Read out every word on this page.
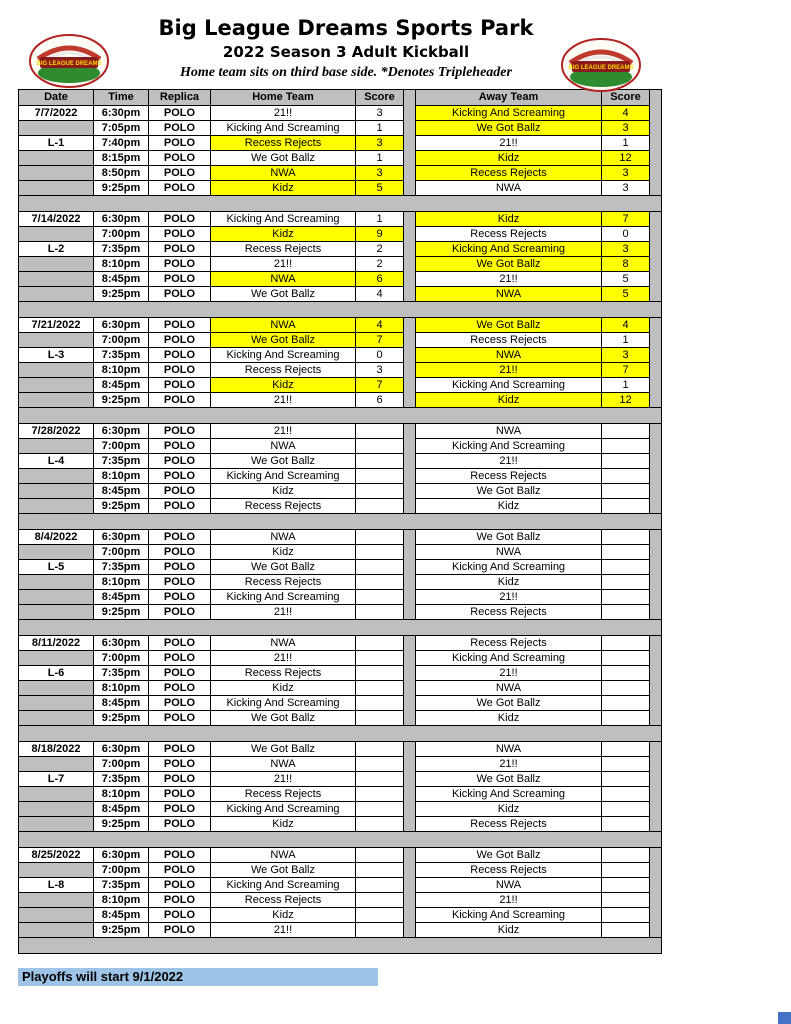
BIG LEAGUE DREAMS
BIG LEAGUE DREAMS
Big League Dreams Sports Park
2022 Season 3 Adult Kickball
Home team sits on third base side. *Denotes Tripleheader
Date	Time	Replica	Home Team	Score		Away Team	Score	
7/7/2022	6:30pm	POLO	21!!	3		Kicking And Screaming	4	
	7:05pm	POLO	Kicking And Screaming	1		We Got Ballz	3	
L-1	7:40pm	POLO	Recess Rejects	3		21!!	1	
	8:15pm	POLO	We Got Ballz	1		Kidz	12	
	8:50pm	POLO	NWA	3		Recess Rejects	3	
	9:25pm	POLO	Kidz	5		NWA	3	

7/14/2022	6:30pm	POLO	Kicking And Screaming	1		Kidz	7	
	7:00pm	POLO	Kidz	9		Recess Rejects	0	
L-2	7:35pm	POLO	Recess Rejects	2		Kicking And Screaming	3	
	8:10pm	POLO	21!!	2		We Got Ballz	8	
	8:45pm	POLO	NWA	6		21!!	5	
	9:25pm	POLO	We Got Ballz	4		NWA	5	

7/21/2022	6:30pm	POLO	NWA	4		We Got Ballz	4	
	7:00pm	POLO	We Got Ballz	7		Recess Rejects	1	
L-3	7:35pm	POLO	Kicking And Screaming	0		NWA	3	
	8:10pm	POLO	Recess Rejects	3		21!!	7	
	8:45pm	POLO	Kidz	7		Kicking And Screaming	1	
	9:25pm	POLO	21!!	6		Kidz	12	

7/28/2022	6:30pm	POLO	21!!			NWA		
	7:00pm	POLO	NWA			Kicking And Screaming		
L-4	7:35pm	POLO	We Got Ballz			21!!		
	8:10pm	POLO	Kicking And Screaming			Recess Rejects		
	8:45pm	POLO	Kidz			We Got Ballz		
	9:25pm	POLO	Recess Rejects			Kidz		

8/4/2022	6:30pm	POLO	NWA			We Got Ballz		
	7:00pm	POLO	Kidz			NWA		
L-5	7:35pm	POLO	We Got Ballz			Kicking And Screaming		
	8:10pm	POLO	Recess Rejects			Kidz		
	8:45pm	POLO	Kicking And Screaming			21!!		
	9:25pm	POLO	21!!			Recess Rejects		

8/11/2022	6:30pm	POLO	NWA			Recess Rejects		
	7:00pm	POLO	21!!			Kicking And Screaming		
L-6	7:35pm	POLO	Recess Rejects			21!!		
	8:10pm	POLO	Kidz			NWA		
	8:45pm	POLO	Kicking And Screaming			We Got Ballz		
	9:25pm	POLO	We Got Ballz			Kidz		

8/18/2022	6:30pm	POLO	We Got Ballz			NWA		
	7:00pm	POLO	NWA			21!!		
L-7	7:35pm	POLO	21!!			We Got Ballz		
	8:10pm	POLO	Recess Rejects			Kicking And Screaming		
	8:45pm	POLO	Kicking And Screaming			Kidz		
	9:25pm	POLO	Kidz			Recess Rejects		

8/25/2022	6:30pm	POLO	NWA			We Got Ballz		
	7:00pm	POLO	We Got Ballz			Recess Rejects		
L-8	7:35pm	POLO	Kicking And Screaming			NWA		
	8:10pm	POLO	Recess Rejects			21!!		
	8:45pm	POLO	Kidz			Kicking And Screaming		
	9:25pm	POLO	21!!			Kidz		

Playoffs will start 9/1/2022
